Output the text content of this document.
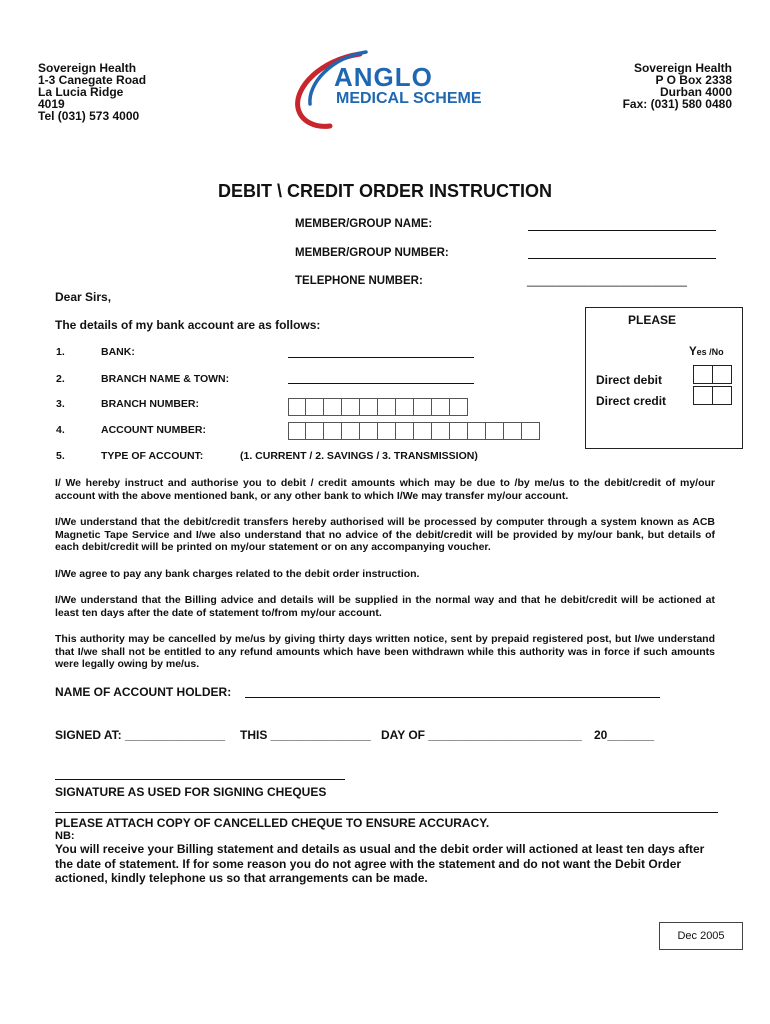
Sovereign Health
1-3 Canegate Road
La Lucia Ridge
4019
Tel (031) 573 4000
ANGLO
MEDICAL SCHEME
Sovereign Health
P O Box 2338
Durban 4000
Fax: (031) 580 0480
DEBIT \ CREDIT ORDER INSTRUCTION
MEMBER/GROUP NAME:
MEMBER/GROUP NUMBER:
TELEPHONE NUMBER:	_________________________
Dear Sirs,
The details of my bank account are as follows:
1.	BANK:
2.	BRANCH NAME & TOWN:
3.	BRANCH NUMBER:
4.	ACCOUNT NUMBER:
5.	TYPE OF ACCOUNT:	(1. CURRENT / 2. SAVINGS / 3. TRANSMISSION)
PLEASE
Yes /No
Direct debit
Direct credit
I/ We hereby instruct and authorise you to debit / credit amounts which may be due to /by me/us to the debit/credit of my/our account with the above mentioned bank, or any other bank to which I/We may transfer my/our account.
I/We understand that the debit/credit transfers hereby authorised will be processed by computer through a system known as ACB Magnetic Tape Service and I/we also understand that no advice of the debit/credit will be provided by my/our bank, but details of each debit/credit will be printed on my/our statement or on any accompanying voucher.
I/We agree to pay any bank charges related to the debit order instruction.
I/We understand that the Billing advice and details will be supplied in the normal way and that he debit/credit will be actioned at least ten days after the date of statement to/from my/our account.
This authority may be cancelled by me/us by giving thirty days written notice, sent by prepaid registered post, but I/we understand that I/we shall not be entitled to any refund amounts which have been withdrawn while this authority was in force if such amounts were legally owing by me/us.
NAME OF ACCOUNT HOLDER:
SIGNED AT: _______________ THIS _______________ DAY OF _______________________ 20_______
SIGNATURE AS USED FOR SIGNING CHEQUES
PLEASE ATTACH COPY OF CANCELLED CHEQUE TO ENSURE ACCURACY.
NB:
You will receive your Billing statement and details as usual and the debit order will actioned at least ten days after the date of statement. If for some reason you do not agree with the statement and do not want the Debit Order actioned, kindly telephone us so that arrangements can be made.
Dec 2005
